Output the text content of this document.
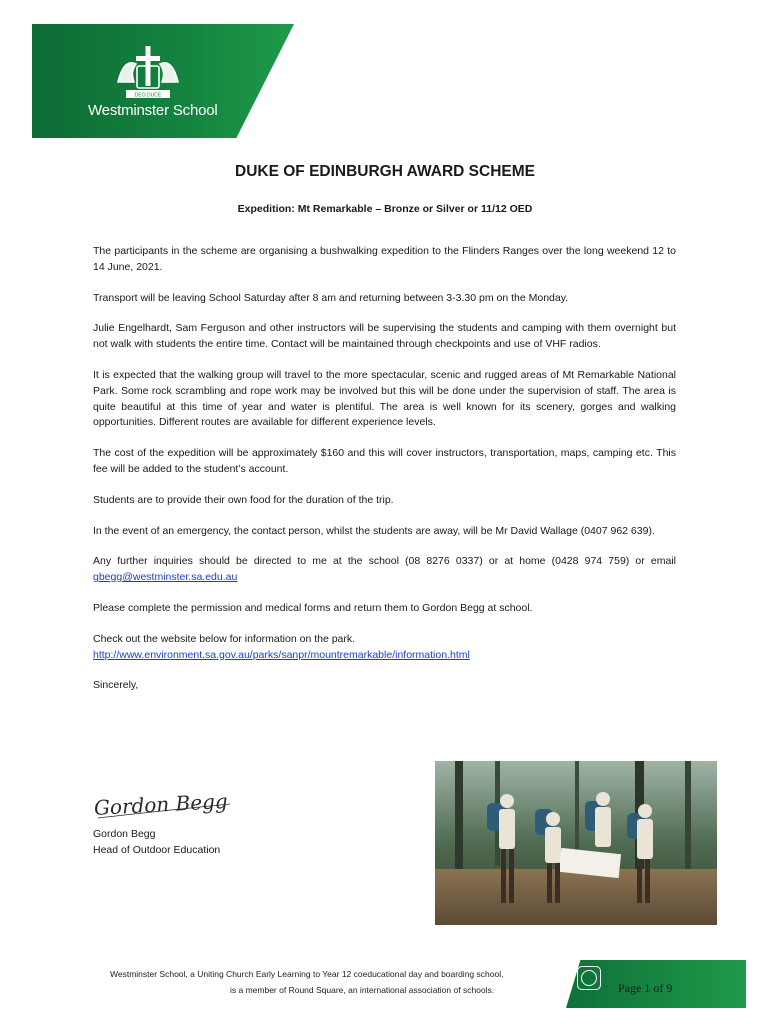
DEO DUCE
Westminster School
DUKE OF EDINBURGH AWARD SCHEME
Expedition: Mt Remarkable – Bronze or Silver or 11/12 OED

The participants in the scheme are organising a bushwalking expedition to the Flinders Ranges over the long weekend 12 to 14 June, 2021.

Transport will be leaving School Saturday after 8 am and returning between 3-3.30 pm on the Monday.

Julie Engelhardt, Sam Ferguson and other instructors will be supervising the students and camping with them overnight but not walk with students the entire time. Contact will be maintained through checkpoints and use of VHF radios.

It is expected that the walking group will travel to the more spectacular, scenic and rugged areas of Mt Remarkable National Park. Some rock scrambling and rope work may be involved but this will be done under the supervision of staff. The area is quite beautiful at this time of year and water is plentiful. The area is well known for its scenery, gorges and walking opportunities. Different routes are available for different experience levels.

The cost of the expedition will be approximately $160 and this will cover instructors, transportation, maps, camping etc. This fee will be added to the student’s account.

Students are to provide their own food for the duration of the trip.

In the event of an emergency, the contact person, whilst the students are away, will be Mr David Wallage (0407 962 639).

Any further inquiries should be directed to me at the school (08 8276 0337) or at home (0428 974 759) or email gbegg@westminster.sa.edu.au

Please complete the permission and medical forms and return them to Gordon Begg at school.

Check out the website below for information on the park.
http://www.environment.sa.gov.au/parks/sanpr/mountremarkable/information.html

Sincerely,

Gordon Begg
Gordon Begg
Head of Outdoor Education
Westminster School, a Uniting Church Early Learning to Year 12 coeducational day and boarding school,
is a member of Round Square, an international association of schools.	Page 1 of 9
